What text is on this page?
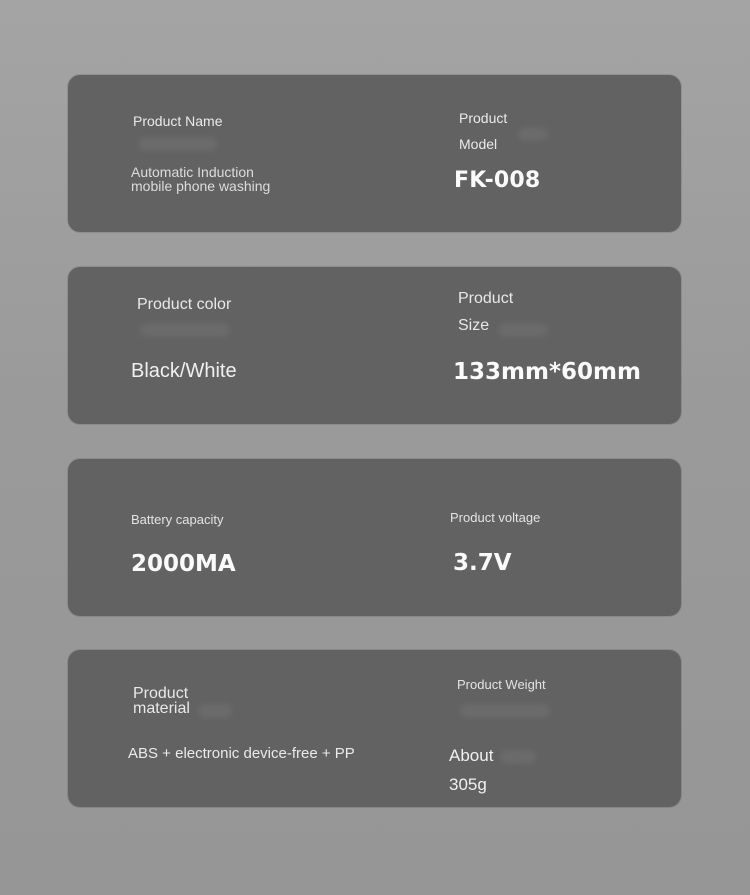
Product Name
Automatic Induction
mobile phone washing
Product
Model
FK-008
Product color
Black/White
Product
Size
133mm*60mm
Battery capacity
2000MA
Product voltage
3.7V
Product
material
ABS + electronic device-free + PP
Product Weight
About
305g
